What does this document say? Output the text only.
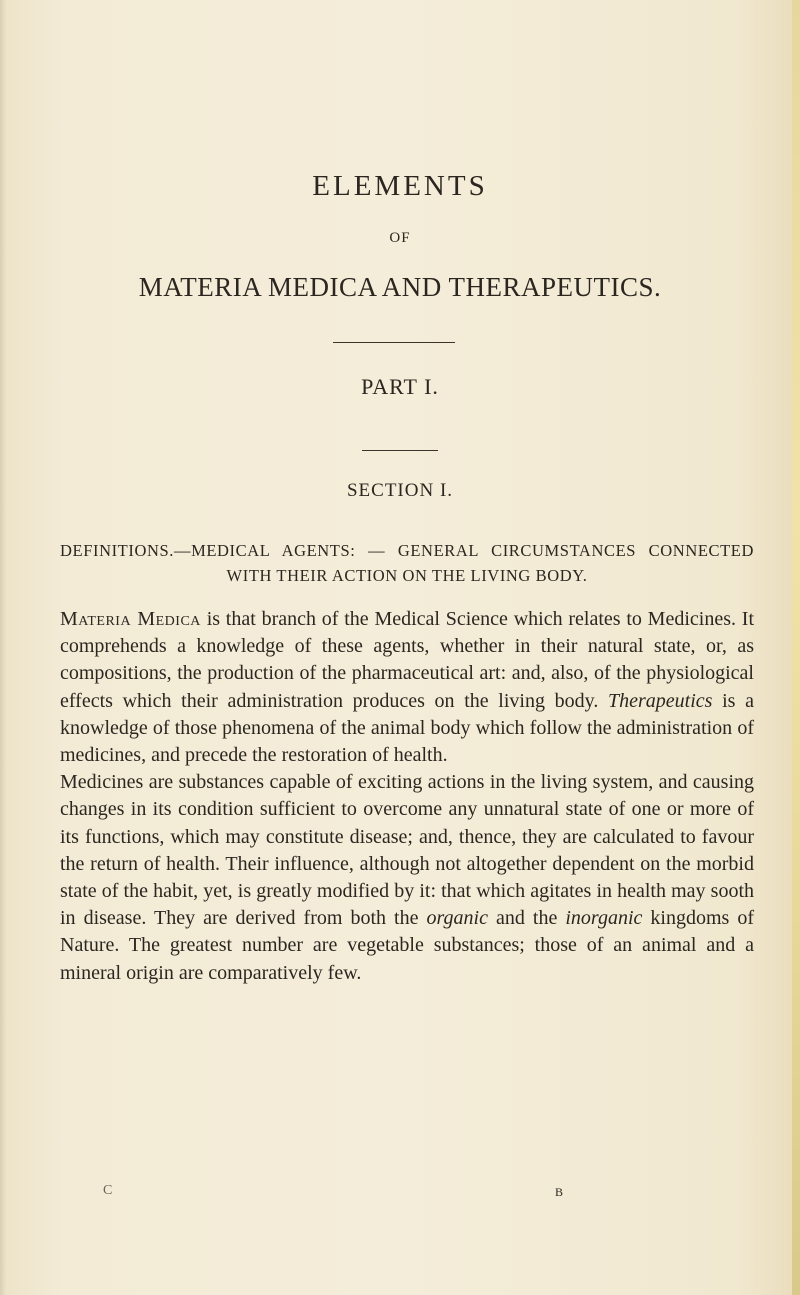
ELEMENTS
OF
MATERIA MEDICA AND THERAPEUTICS.
PART I.
SECTION I.
DEFINITIONS.—MEDICAL AGENTS: — GENERAL CIRCUMSTANCES CONNECTED WITH THEIR ACTION ON THE LIVING BODY.

Materia Medica is that branch of the Medical Science which relates to Medicines. It comprehends a knowledge of these agents, whether in their natural state, or, as compositions, the production of the pharmaceutical art: and, also, of the physiological effects which their administration produces on the living body. Therapeutics is a knowledge of those phenomena of the animal body which follow the administration of medicines, and precede the restoration of health.

Medicines are substances capable of exciting actions in the living system, and causing changes in its condition sufficient to overcome any unnatural state of one or more of its functions, which may constitute disease; and, thence, they are calculated to favour the return of health. Their influence, although not altogether dependent on the morbid state of the habit, yet, is greatly modified by it: that which agitates in health may sooth in disease. They are derived from both the organic and the inorganic kingdoms of Nature. The greatest number are vegetable substances; those of an animal and a mineral origin are comparatively few.

C	B
